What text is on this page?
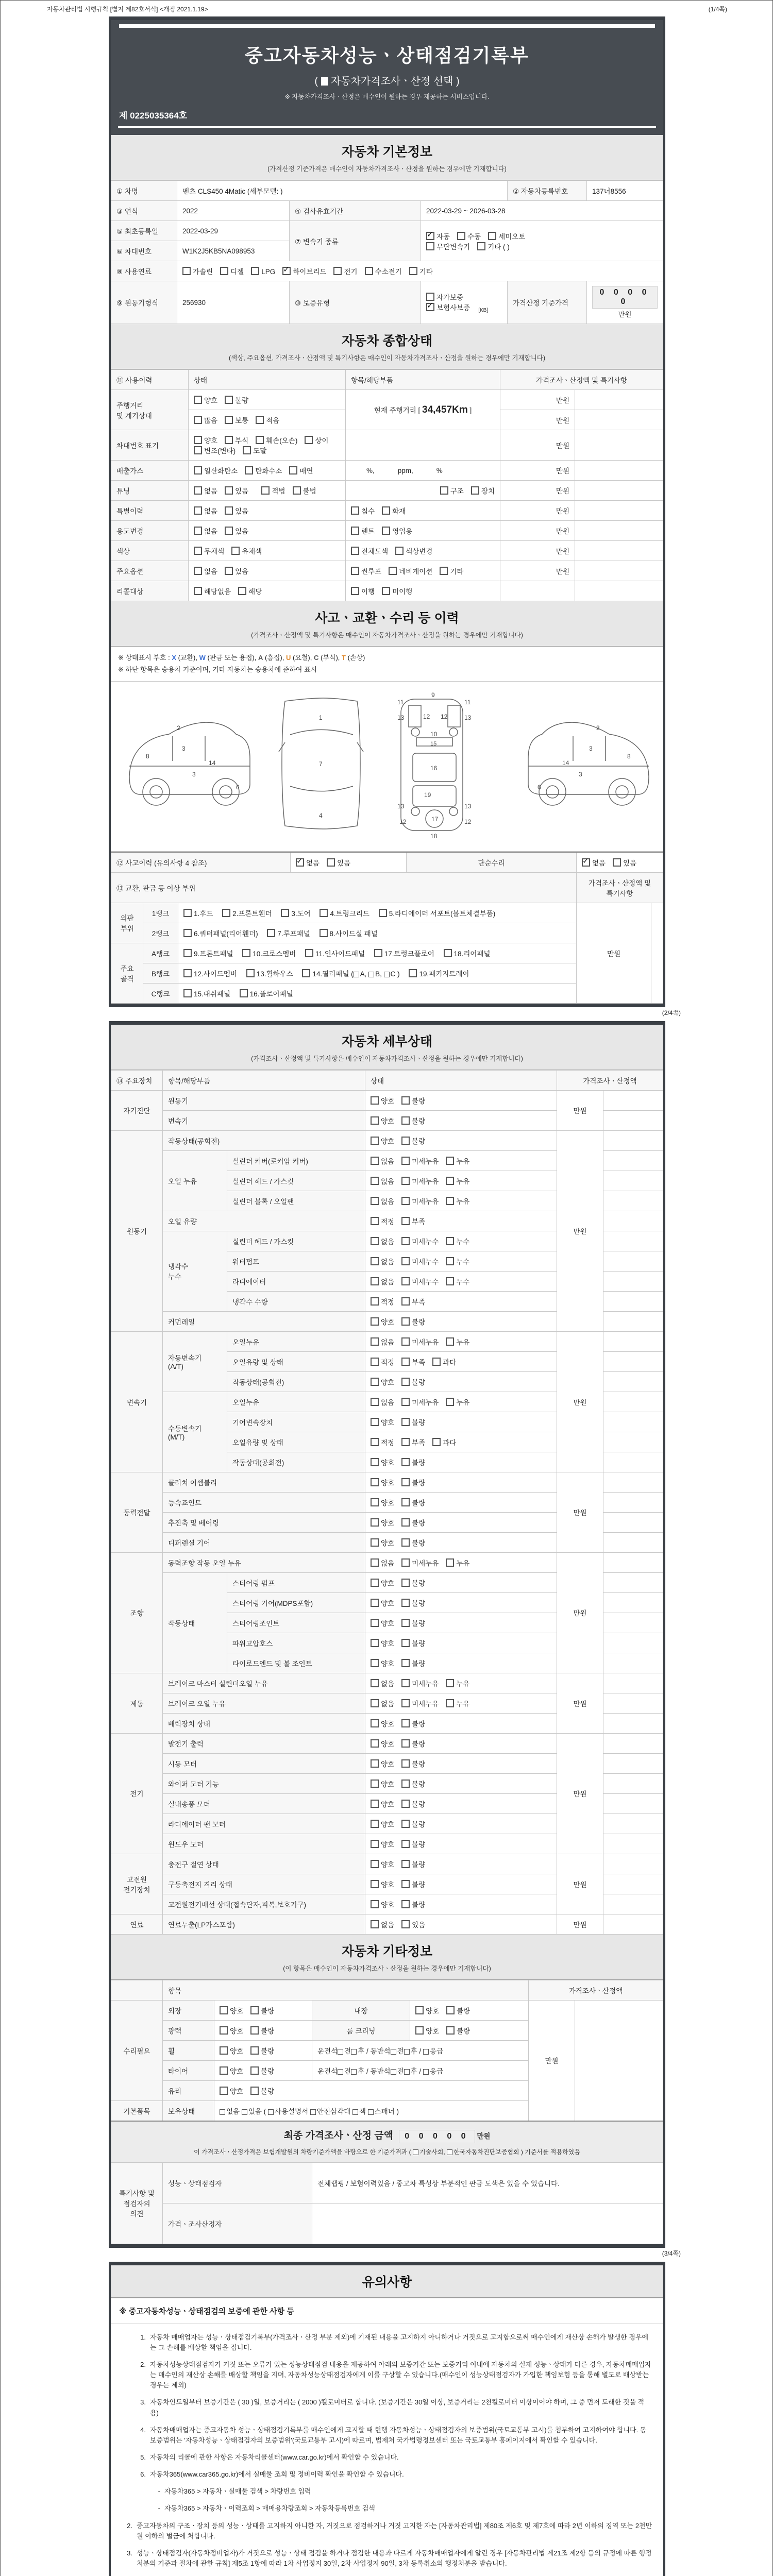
자동차관리법 시행규칙 [별지 제82호서식] <개정 2021.1.19>	(1/4쪽)
중고자동차성능ㆍ상태점검기록부
( 자동차가격조사ㆍ산정 선택 )
※ 자동차가격조사ㆍ산정은 매수인이 원하는 경우 제공하는 서비스입니다.
제 0225035364호
자동차 기본정보
(가격산정 기준가격은 매수인이 자동차가격조사ㆍ산정을 원하는 경우에만 기재합니다)
① 차명	벤츠 CLS450 4Matic (세부모델: )			② 자동차등록번호	137너8556
③ 연식	2022	④ 검사유효기간	2022-03-29 ~ 2026-03-28		
⑤ 최초등록일	2022-03-29	⑦ 변속기 종류	✓자동 수동 세미오토
무단변속기 기타 ( )
⑥ 차대번호	W1K2J5KB5NA098953				
⑧ 사용연료	가솔린 디젤 LPG ✓ 하이브리드 전기 수소전기 기타
⑨ 원동기형식	256930	⑩ 보증유형	자가보증✓보험사보증 $_{[KB]}$	가격산정 기준가격	0 0 0 0 0 만원
자동차 종합상태
(색상, 주요옵션, 가격조사ㆍ산정액 및 특기사항은 매수인이 자동차가격조사ㆍ산정을 원하는 경우에만 기재합니다)
⑪ 사용이력	상태	항목/해당부품	가격조사ㆍ산정액 및 특기사항	
주행거리
및 계기상태	양호 불량	현재 주행거리 [ 34,457Km ]	만원	
	많음 보통 적음		만원	
차대번호 표기	양호 부식 훼손(오손) 상이변조(변타) 도말		만원	
배출가스	일산화탄소 탄화수소 매연	%,            ppm,            %	만원	
튜닝	없음 있음 적법 불법	구조 장치	만원	
특별이력	없음 있음	침수 화재	만원	
용도변경	없음 있음	렌트 영업용	만원	
색상	무채색 유채색	전체도색 색상변경	만원	
주요옵션	없음 있음	썬루프 네비게이션 기타	만원	
리콜대상	해당없음 해당	이행 미이행		
사고ㆍ교환ㆍ수리 등 이력
(가격조사ㆍ산정액 및 특기사항은 매수인이 자동차가격조사ㆍ산정을 원하는 경우에만 기재합니다)
※ 상태표시 부호 : X (교환), W (판금 또는 용접), A (흠집), U (요철), C (부식), T (손상)
※ 하단 항목은 승용차 기준이며, 기타 자동차는 승용차에 준하여 표시
2
8
3
3
14
6
1
7
4
9
11	11
13	13
12 12
10
15
16
13	13
12	12
17
19
18
2
8
3
3
14
6
⑫ 사고이력 (유의사항 4 참조)	✓없음 있음	단순수리	✓없음 있음
⑬ 교환, 판금 등 이상 부위					가격조사ㆍ산정액 및 특기사항	
외판
부위	1랭크	1.후드 2.프론트휀더 3.도어 4.트렁크리드 5.라디에이터 서포트(볼트체결부품)			만원	
	2랭크	6.쿼터패널(리어휀더) 7.루프패널 8.사이드실 패널				
주요
골격	A랭크	9.프론트패널 10.크로스멤버 11.인사이드패널 17.트렁크플로어 18.리어패널				
	B랭크	12.사이드멤버 13.휠하우스 14.필러패널 ( A, B, C ) 19.패키지트레이				
	C랭크	15.대쉬패널 16.플로어패널				
(2/4쪽)
자동차 세부상태
(가격조사ㆍ산정액 및 특기사항은 매수인이 자동차가격조사ㆍ산정을 원하는 경우에만 기재합니다)
⑭ 주요장치	항목/해당부품		상태	가격조사ㆍ산정액	
자기진단	원동기		양호 불량	만원	
	변속기		양호 불량		
원동기	작동상태(공회전)		양호 불량	만원	
	오일 누유	실린더 커버(로커암 커버)	없음 미세누유 누유		
		실린더 헤드 / 가스킷	없음 미세누유 누유		
		실린더 블록 / 오일팬	없음 미세누유 누유		
	오일 유량		적정 부족		
	냉각수
누수	실린더 헤드 / 가스킷	없음 미세누수 누수		
		워터펌프	없음 미세누수 누수		
		라디에이터	없음 미세누수 누수		
		냉각수 수량	적정 부족		
	커먼레일		양호 불량		
변속기	자동변속기
(A/T)	오일누유	없음 미세누유 누유	만원	
		오일유량 및 상태	적정 부족 과다		
		작동상태(공회전)	양호 불량		
	수동변속기
(M/T)	오일누유	없음 미세누유 누유		
		기어변속장치	양호 불량		
		오일유량 및 상태	적정 부족 과다		
		작동상태(공회전)	양호 불량		
동력전달	클러치 어셈블리		양호 불량	만원	
	등속죠인트		양호 불량		
	추진축 및 베어링		양호 불량		
	디퍼렌셜 기어		양호 불량		
조향	동력조향 작동 오일 누유		없음 미세누유 누유	만원	
	작동상태	스티어링 펌프	양호 불량		
		스티어링 기어(MDPS포함)	양호 불량		
		스티어링조인트	양호 불량		
		파워고압호스	양호 불량		
		타이로드엔드 및 볼 조인트	양호 불량		
제동	브레이크 마스터 실린더오일 누유		없음 미세누유 누유	만원	
	브레이크 오일 누유		없음 미세누유 누유		
	배력장치 상태		양호 불량		
전기	발전기 출력		양호 불량	만원	
	시동 모터		양호 불량		
	와이퍼 모터 기능		양호 불량		
	실내송풍 모터		양호 불량		
	라디에이터 팬 모터		양호 불량		
	윈도우 모터		양호 불량		
고전원
전기장치	충전구 절연 상태		양호 불량	만원	
	구동축전지 격리 상태		양호 불량		
	고전원전기배선 상태(접속단자,피복,보호기구)		양호 불량		
연료	연료누출(LP가스포함)		없음 있음	만원	
자동차 기타정보
(이 항목은 매수인이 자동차가격조사ㆍ산정을 원하는 경우에만 기재합니다)
	항목				가격조사ㆍ산정액	
수리필요	외장	양호 불량	내장	양호 불량	만원	
	광택	양호 불량	룸 크리닝	양호 불량		
	휠	양호 불량	운전석 전 후 / 동반석 전 후 / 응급			
	타이어	양호 불량	운전석 전 후 / 동반석 전 후 / 응급			
	유리	양호 불량				
기본품목	보유상태	없음 있음 ( 사용설명서 안전삼각대 잭 스패너 )				
최종 가격조사ㆍ산정 금액 0 0 0 0 0 만원
이 가격조사ㆍ산정가격은 보험개발원의 차량기준가액을 바탕으로 한 기준가격과 ( 기술사회, 한국자동차진단보증협회 ) 기준서를 적용하였음						

특기사항 및
점검자의 의견	성능ㆍ상태점검자		전체랩핑 / 보험이력있음 / 중고차 특성상 부분적인 판금 도색은 있을 수 있습니다.			
	가격ㆍ조사산정자					
(3/4쪽)
유의사항
※ 중고자동차성능ㆍ상태점검의 보증에 관한 사항 등
1. 자동차 매매업자는 성능ㆍ상태점검기록부(가격조사ㆍ산정 부분 제외)에 기재된 내용을 고지하지 아니하거나 거짓으로 고지함으로써 매수인에게 재산상 손해가 발생한 경우에는 그 손해를 배상할 책임을 집니다.
2. 자동차성능상태점검자가 거짓 또는 오류가 있는 성능상태점검 내용을 제공하여 아래의 보증기간 또는 보증거리 이내에 자동차의 실제 성능ㆍ상태가 다른 경우, 자동차매매업자는 매수인의 재산상 손해를 배상할 책임을 지며, 자동차성능상태점검자에게 이를 구상할 수 있습니다.(매수인이 성능상태점검자가 가입한 책임보험 등을 통해 별도로 배상받는 경우는 제외)
3. 자동차인도일부터 보증기간은 ( 30 )일, 보증거리는 ( 2000 )킬로미터로 합니다. (보증기간은 30일 이상, 보증거리는 2천킬로미터 이상이어야 하며, 그 중 먼저 도래한 것을 적용)
4. 자동차매매업자는 중고자동차 성능ㆍ상태점검기록부를 매수인에게 고지할 때 현행 자동차성능ㆍ상태점검자의 보증범위(국토교통부 고시)를 첨부하여 고지하여야 합니다. 동 보증범위는 '자동차성능ㆍ상태점검자의 보증범위'(국토교통부 고시)에 따르며, 법제처 국가법령정보센터 또는 국토교통부 홈페이지에서 확인할 수 있습니다.
5. 자동차의 리콜에 관한 사항은 자동차리콜센터(www.car.go.kr)에서 확인할 수 있습니다.
6. 자동차365(www.car365.go.kr)에서 실매물 조회 및 정비이력 확인을 확인할 수 있습니다.
- 자동차365 > 자동차ㆍ실매물 검색 > 차량번호 입력
- 자동차365 > 자동차ㆍ이력조회 > 매매용차량조회 > 자동차등록번호 검색
2. 중고자동차의 구조ㆍ장치 등의 성능ㆍ상태를 고지하지 아니한 자, 거짓으로 점검하거나 거짓 고지한 자는 [자동차관리법] 제80조 제6호 및 제7호에 따라 2년 이하의 징역 또는 2천만원 이하의 벌금에 처합니다.
3. 성능ㆍ상태점검자(자동차정비업자)가 거짓으로 성능ㆍ상태 점검을 하거나 점검한 내용과 다르게 자동차매매업자에게 알린 경우 [자동차관리법 제21조 제2항 등의 규정에 따른 행정처분의 기준과 절차에 관한 규칙] 제5조 1항에 따라 1차 사업정지 30일, 2차 사업정지 90일, 3차 등록취소의 행정처분을 받습니다.
